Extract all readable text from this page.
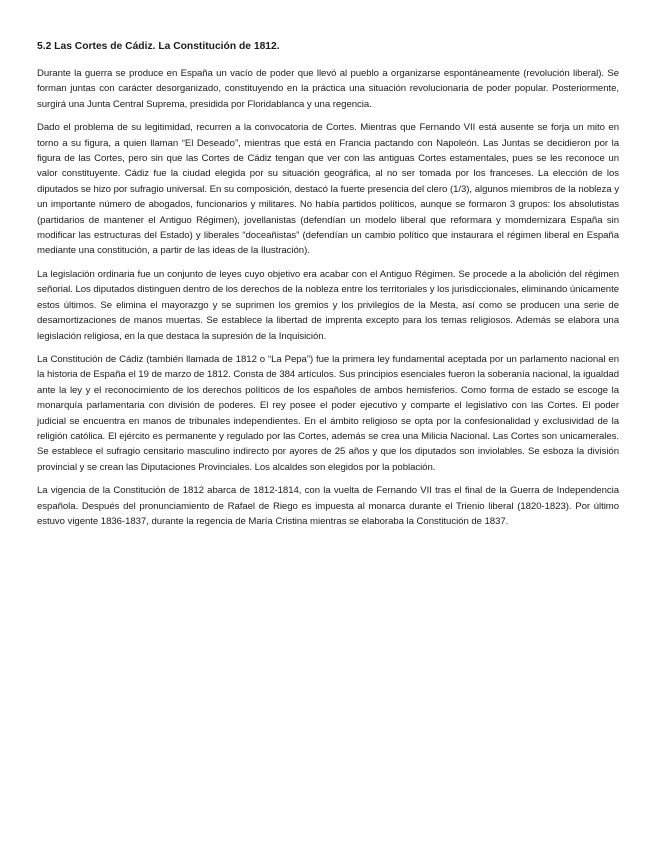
5.2 Las Cortes de Cádiz. La Constitución de 1812.

Durante la guerra se produce en España un vacío de poder que llevó al pueblo a organizarse espontáneamente (revolución liberal). Se forman juntas con carácter desorganizado, constituyendo en la práctica una situación revolucionaria de poder popular. Posteriormente, surgirá una Junta Central Suprema, presidida por Floridablanca y una regencia.

Dado el problema de su legitimidad, recurren a la convocatoria de Cortes. Mientras que Fernando VII está ausente se forja un mito en torno a su figura, a quien llaman “El Deseado”, mientras que está en Francia pactando con Napoleón. Las Juntas se decidieron por la figura de las Cortes, pero sin que las Cortes de Cádiz tengan que ver con las antiguas Cortes estamentales, pues se les reconoce un valor constituyente. Cádiz fue la ciudad elegida por su situación geográfica, al no ser tomada por los franceses. La elección de los diputados se hizo por sufragio universal. En su composición, destacó la fuerte presencia del clero (1/3), algunos miembros de la nobleza y un importante número de abogados, funcionarios y militares. No había partidos políticos, aunque se formaron 3 grupos: los absolutistas (partidarios de mantener el Antiguo Régimen), jovellanistas (defendían un modelo liberal que reformara y momdernizara España sin modificar las estructuras del Estado) y liberales “doceañistas” (defendían un cambio político que instaurara el régimen liberal en España mediante una constitución, a partir de las ideas de la Ilustración).

La legislación ordinaria fue un conjunto de leyes cuyo objetivo era acabar con el Antiguo Régimen. Se procede a la abolición del régimen señorial. Los diputados distinguen dentro de los derechos de la nobleza entre los territoriales y los jurisdiccionales, eliminando únicamente estos últimos. Se elimina el mayorazgo y se suprimen los gremios y los privilegios de la Mesta, así como se producen una serie de desamortizaciones de manos muertas. Se establece la libertad de imprenta excepto para los temas religiosos. Además se elabora una legislación religiosa, en la que destaca la supresión de la Inquisición.

La Constitución de Cádiz (también llamada de 1812 o “La Pepa”) fue la primera ley fundamental aceptada por un parlamento nacional en la historia de España el 19 de marzo de 1812. Consta de 384 artículos. Sus principios esenciales fueron la soberanía nacional, la igualdad ante la ley y el reconocimiento de los derechos políticos de los españoles de ambos hemisferios. Como forma de estado se escoge la monarquía parlamentaria con división de poderes. El rey posee el poder ejecutivo y comparte el legislativo con las Cortes. El poder judicial se encuentra en manos de tribunales independientes. En el ámbito religioso se opta por la confesionalidad y exclusividad de la religión católica. El ejército es permanente y regulado por las Cortes, además se crea una Milicia Nacional. Las Cortes son unicamerales. Se establece el sufragio censitario masculino indirecto por ayores de 25 años y que los diputados son inviolables. Se esboza la división provincial y se crean las Diputaciones Provinciales. Los alcaldes son elegidos por la población.

La vigencia de la Constitución de 1812 abarca de 1812-1814, con la vuelta de Fernando VII tras el final de la Guerra de Independencia española. Después del pronunciamiento de Rafael de Riego es impuesta al monarca durante el Trienio liberal (1820-1823). Por último estuvo vigente 1836-1837, durante la regencia de María Cristina mientras se elaboraba la Constitución de 1837.
